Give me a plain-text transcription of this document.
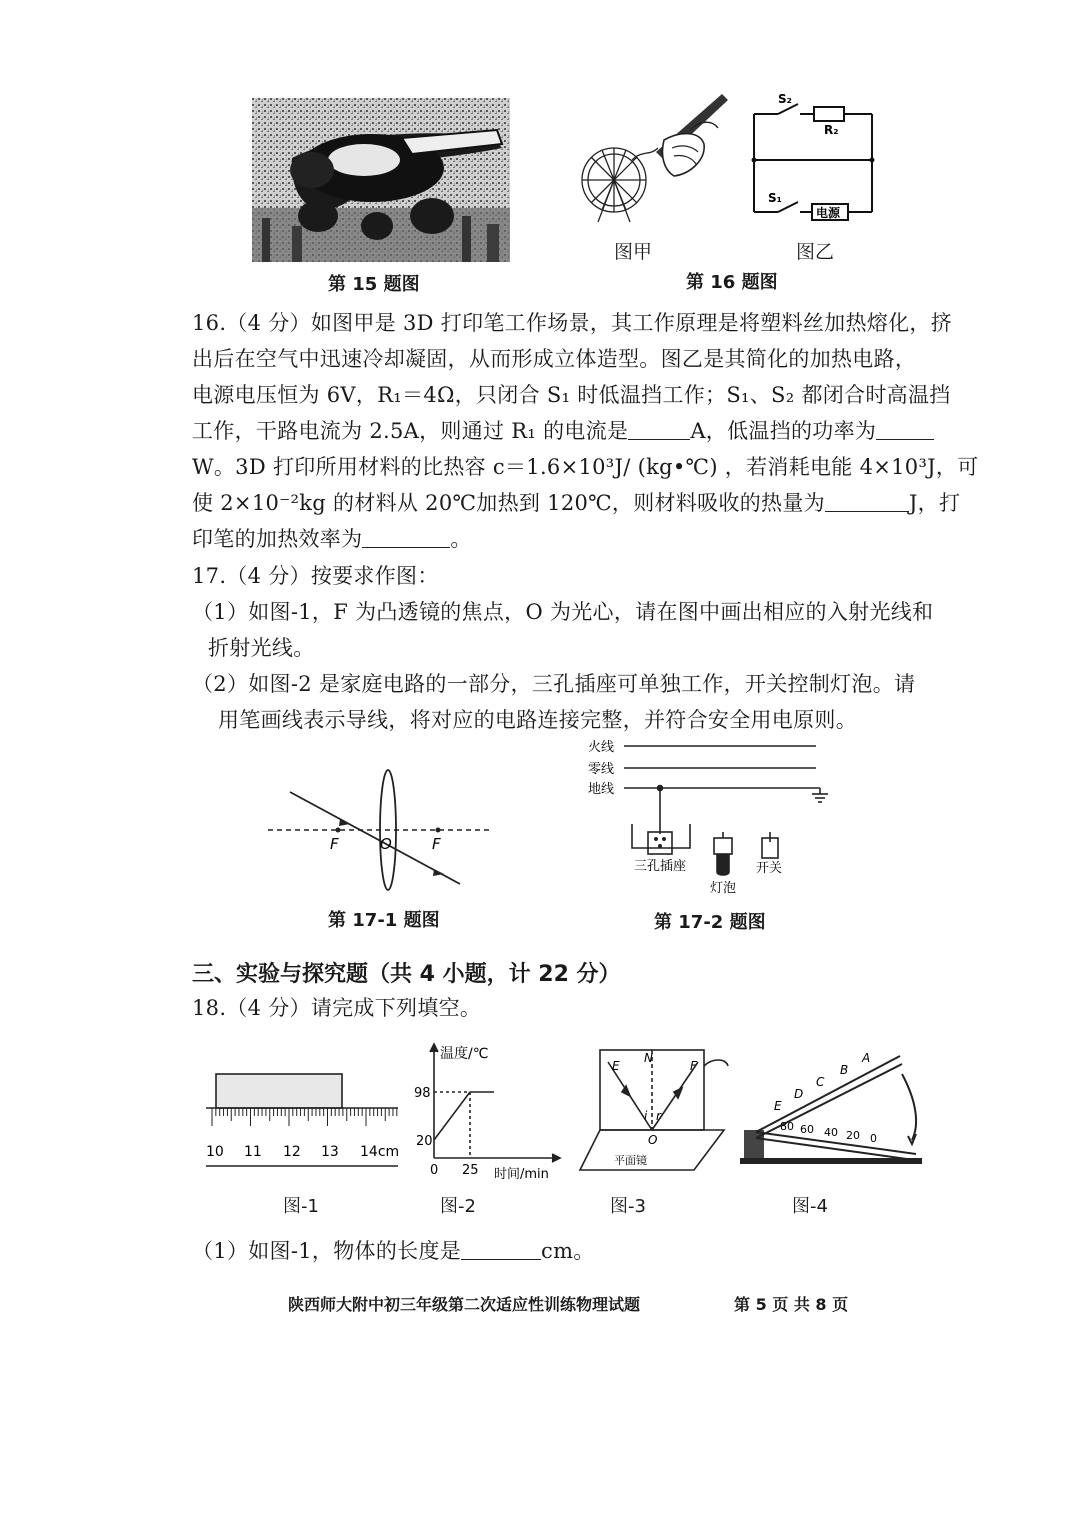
第 15 题图
图甲
S₂
R₂
S₁
电源
图乙
第 16 题图
16.（4 分）如图甲是 3D 打印笔工作场景，其工作原理是将塑料丝加热熔化，挤
出后在空气中迅速冷却凝固，从而形成立体造型。图乙是其简化的加热电路，
电源电压恒为 6V，R₁＝4Ω，只闭合 S₁ 时低温挡工作；S₁、S₂ 都闭合时高温挡
工作，干路电流为 2.5A，则通过 R₁ 的电流是	A，低温挡的功率为
W。3D 打印所用材料的比热容 c＝1.6×10³J/ (kg•℃) ，若消耗电能 4×10³J，可
使 2×10⁻²kg 的材料从 20℃加热到 120℃，则材料吸收的热量为	J，打
印笔的加热效率为	。
17.（4 分）按要求作图：
（1）如图-1，F 为凸透镜的焦点，O 为光心，请在图中画出相应的入射光线和
折射光线。
（2）如图-2 是家庭电路的一部分，三孔插座可单独工作，开关控制灯泡。请
用笔画线表示导线，将对应的电路连接完整，并符合安全用电原则。
F	O	F
第 17-1 题图
火线
零线
地线
三孔插座
灯泡
开关
第 17-2 题图
三、实验与探究题（共 4 小题，计 22 分）
18.（4 分）请完成下列填空。
10 11 12 13 14cm
图-1
温度/℃
98
20
0 25 时间/min
图-2
E
N
F
i r
O
平面镜
图-3
A
B
C
D
E
80 60 40 20 0
图-4
（1）如图-1，物体的长度是	cm。
陕西师大附中初三年级第二次适应性训练物理试题	第 5 页 共 8 页
